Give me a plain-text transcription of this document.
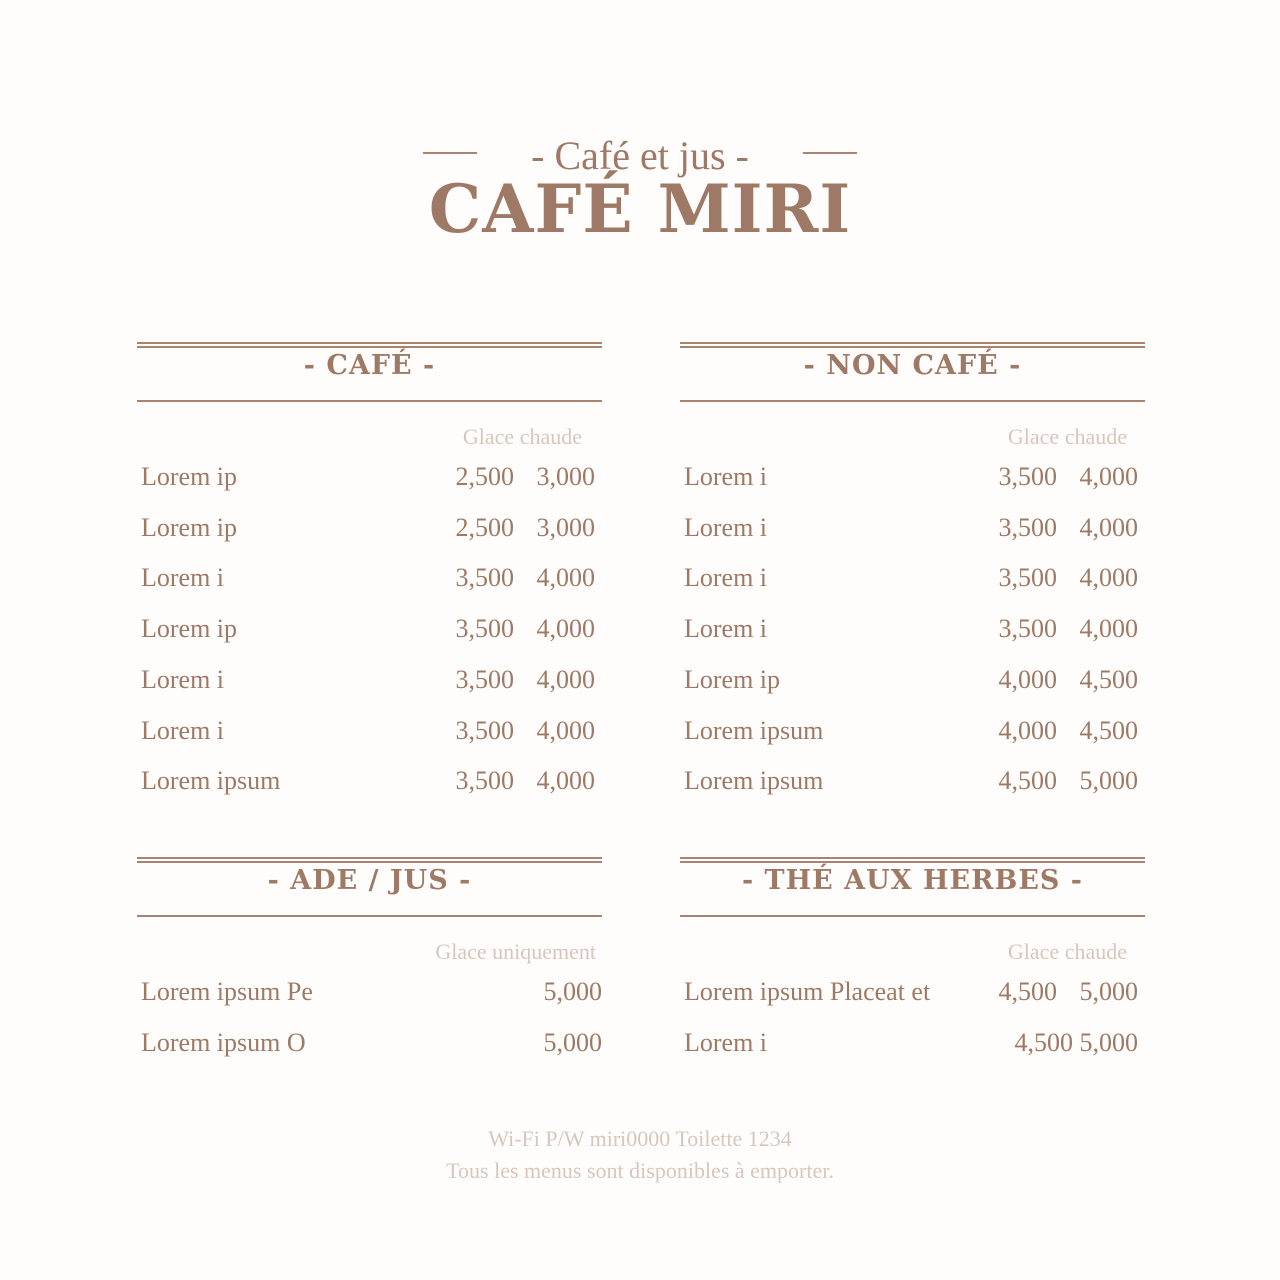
- Café et jus -
CAFÉ MIRI
- CAFÉ -
Glace chaude
Lorem ip	2,500 3,000
Lorem ip	2,500 3,000
Lorem i	3,500 4,000
Lorem ip	3,500 4,000
Lorem i	3,500 4,000
Lorem i	3,500 4,000
Lorem ipsum	3,500 4,000
- NON CAFÉ -
Glace chaude
Lorem i	3,500 4,000
Lorem i	3,500 4,000
Lorem i	3,500 4,000
Lorem i	3,500 4,000
Lorem ip	4,000 4,500
Lorem ipsum	4,000 4,500
Lorem ipsum	4,500 5,000
- ADE / JUS -
Glace uniquement
Lorem ipsum Pe	5,000
Lorem ipsum O	5,000
- THÉ AUX HERBES -
Glace chaude
Lorem ipsum Placeat et	4,500 5,000
Lorem i	4,500 5,000
Wi-Fi P/W miri0000 Toilette 1234
Tous les menus sont disponibles à emporter.
